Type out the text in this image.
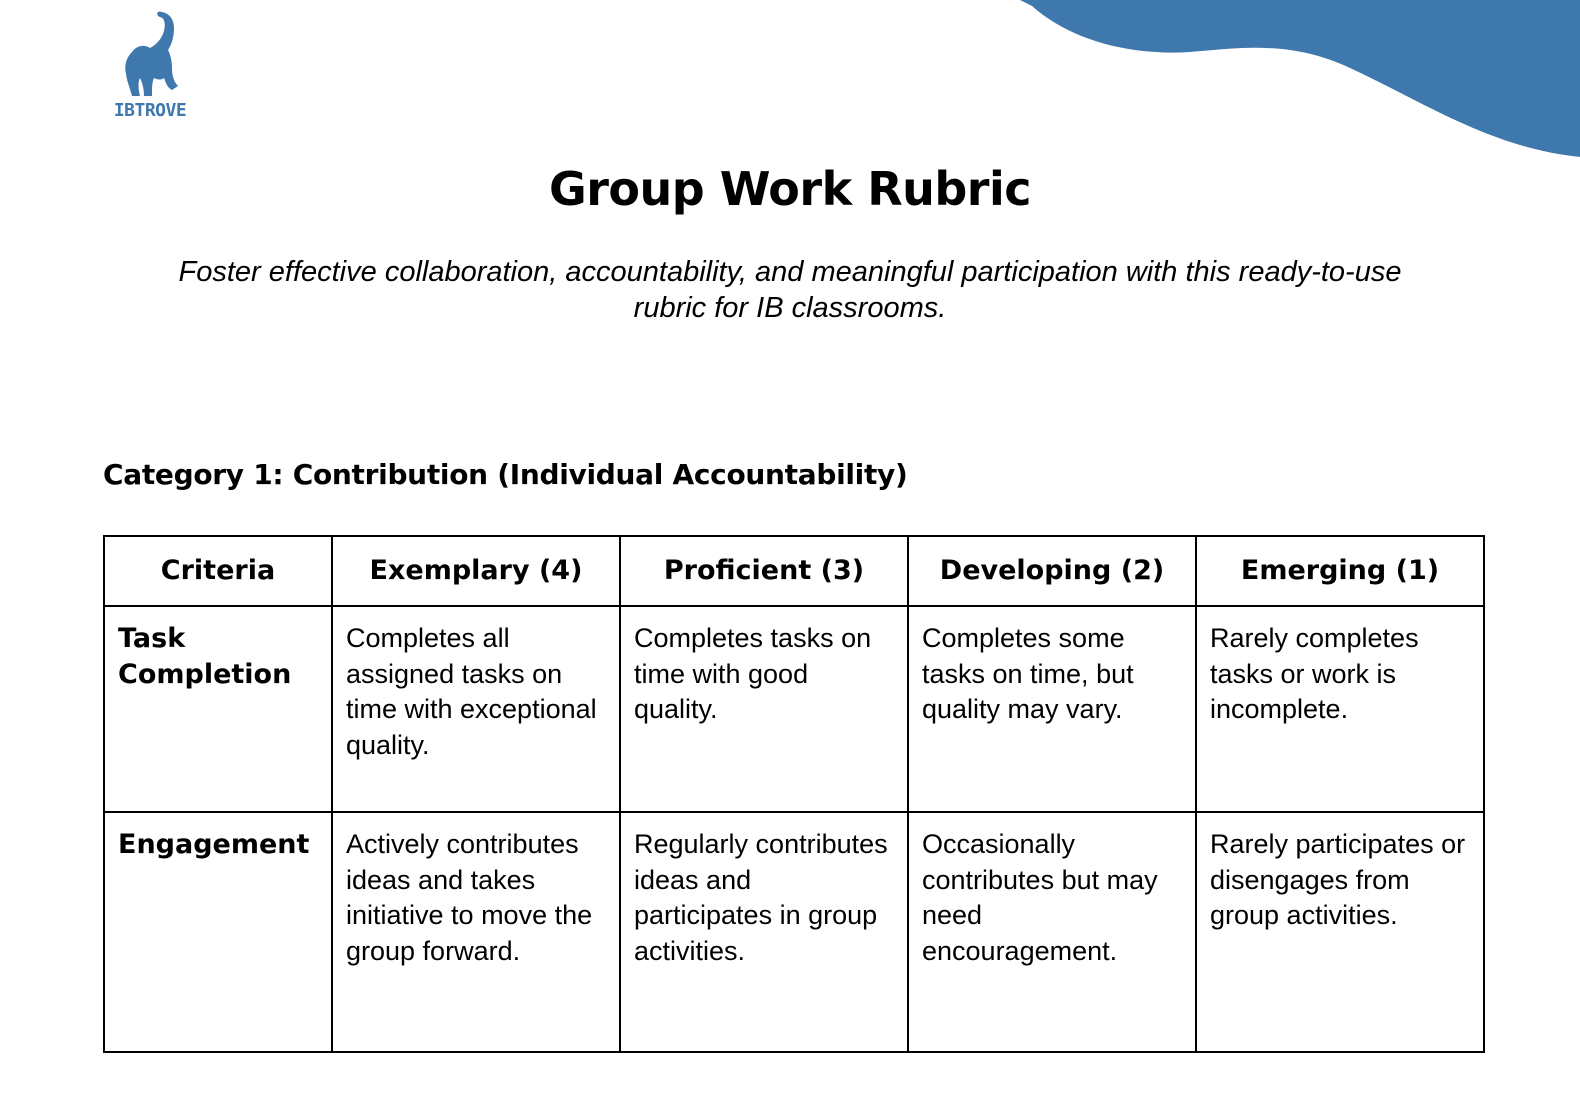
IBTROVE
Group Work Rubric
Foster effective collaboration, accountability, and meaningful participation with this ready-to-use rubric for IB classrooms.
Category 1: Contribution (Individual Accountability)
Criteria	Exemplary (4)	Proficient (3)	Developing (2)	Emerging (1)
Task Completion	Completes all assigned tasks on time with exceptional quality.	Completes tasks on time with good quality.	Completes some tasks on time, but quality may vary.	Rarely completes tasks or work is incomplete.
Engagement	Actively contributes ideas and takes initiative to move the group forward.	Regularly contributes ideas and participates in group activities.	Occasionally contributes but may need encouragement.	Rarely participates or disengages from group activities.
